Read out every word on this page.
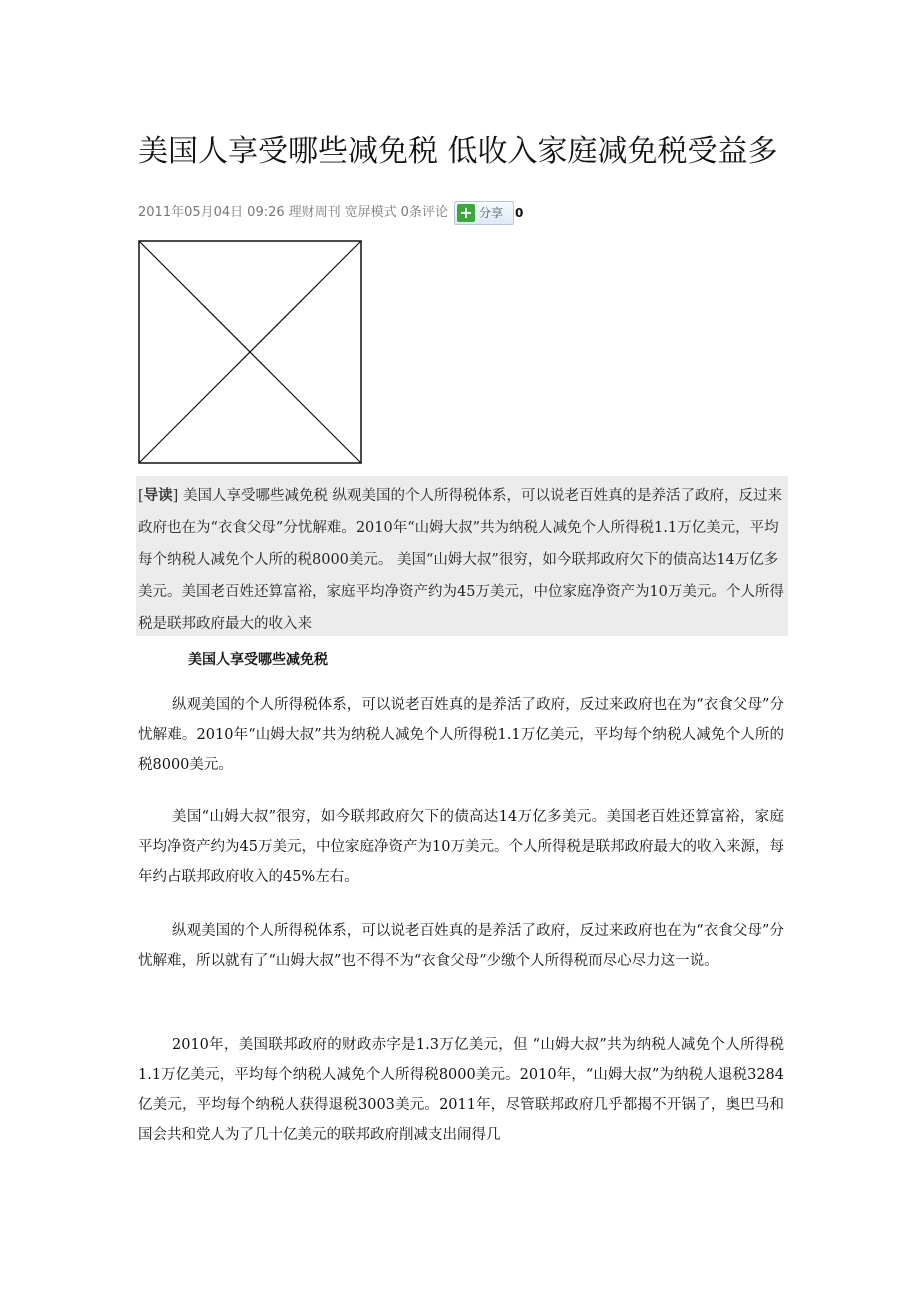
美国人享受哪些减免税 低收入家庭减免税受益多
2011年05月04日 09:26 理财周刊 宽屏模式 0条评论 + 分享 0
[导读] 美国人享受哪些减免税 纵观美国的个人所得税体系，可以说老百姓真的是养活了政府，反过来政府也在为“衣食父母”分忧解难。2010年“山姆大叔”共为纳税人减免个人所得税1.1万亿美元，平均每个纳税人减免个人所的税8000美元。 美国“山姆大叔”很穷，如今联邦政府欠下的债高达14万亿多美元。美国老百姓还算富裕，家庭平均净资产约为45万美元，中位家庭净资产为10万美元。个人所得税是联邦政府最大的收入来
美国人享受哪些减免税

纵观美国的个人所得税体系，可以说老百姓真的是养活了政府，反过来政府也在为“衣食父母”分忧解难。2010年“山姆大叔”共为纳税人减免个人所得税1.1万亿美元，平均每个纳税人减免个人所的税8000美元。

美国“山姆大叔”很穷，如今联邦政府欠下的债高达14万亿多美元。美国老百姓还算富裕，家庭平均净资产约为45万美元，中位家庭净资产为10万美元。个人所得税是联邦政府最大的收入来源，每年约占联邦政府收入的45%左右。

纵观美国的个人所得税体系，可以说老百姓真的是养活了政府，反过来政府也在为“衣食父母”分忧解难，所以就有了“山姆大叔”也不得不为“衣食父母”少缴个人所得税而尽心尽力这一说。

2010年，美国联邦政府的财政赤字是1.3万亿美元，但 “山姆大叔”共为纳税人减免个人所得税1.1万亿美元，平均每个纳税人减免个人所得税8000美元。2010年，“山姆大叔”为纳税人退税3284亿美元，平均每个纳税人获得退税3003美元。2011年，尽管联邦政府几乎都揭不开锅了，奥巴马和国会共和党人为了几十亿美元的联邦政府削减支出闹得几
